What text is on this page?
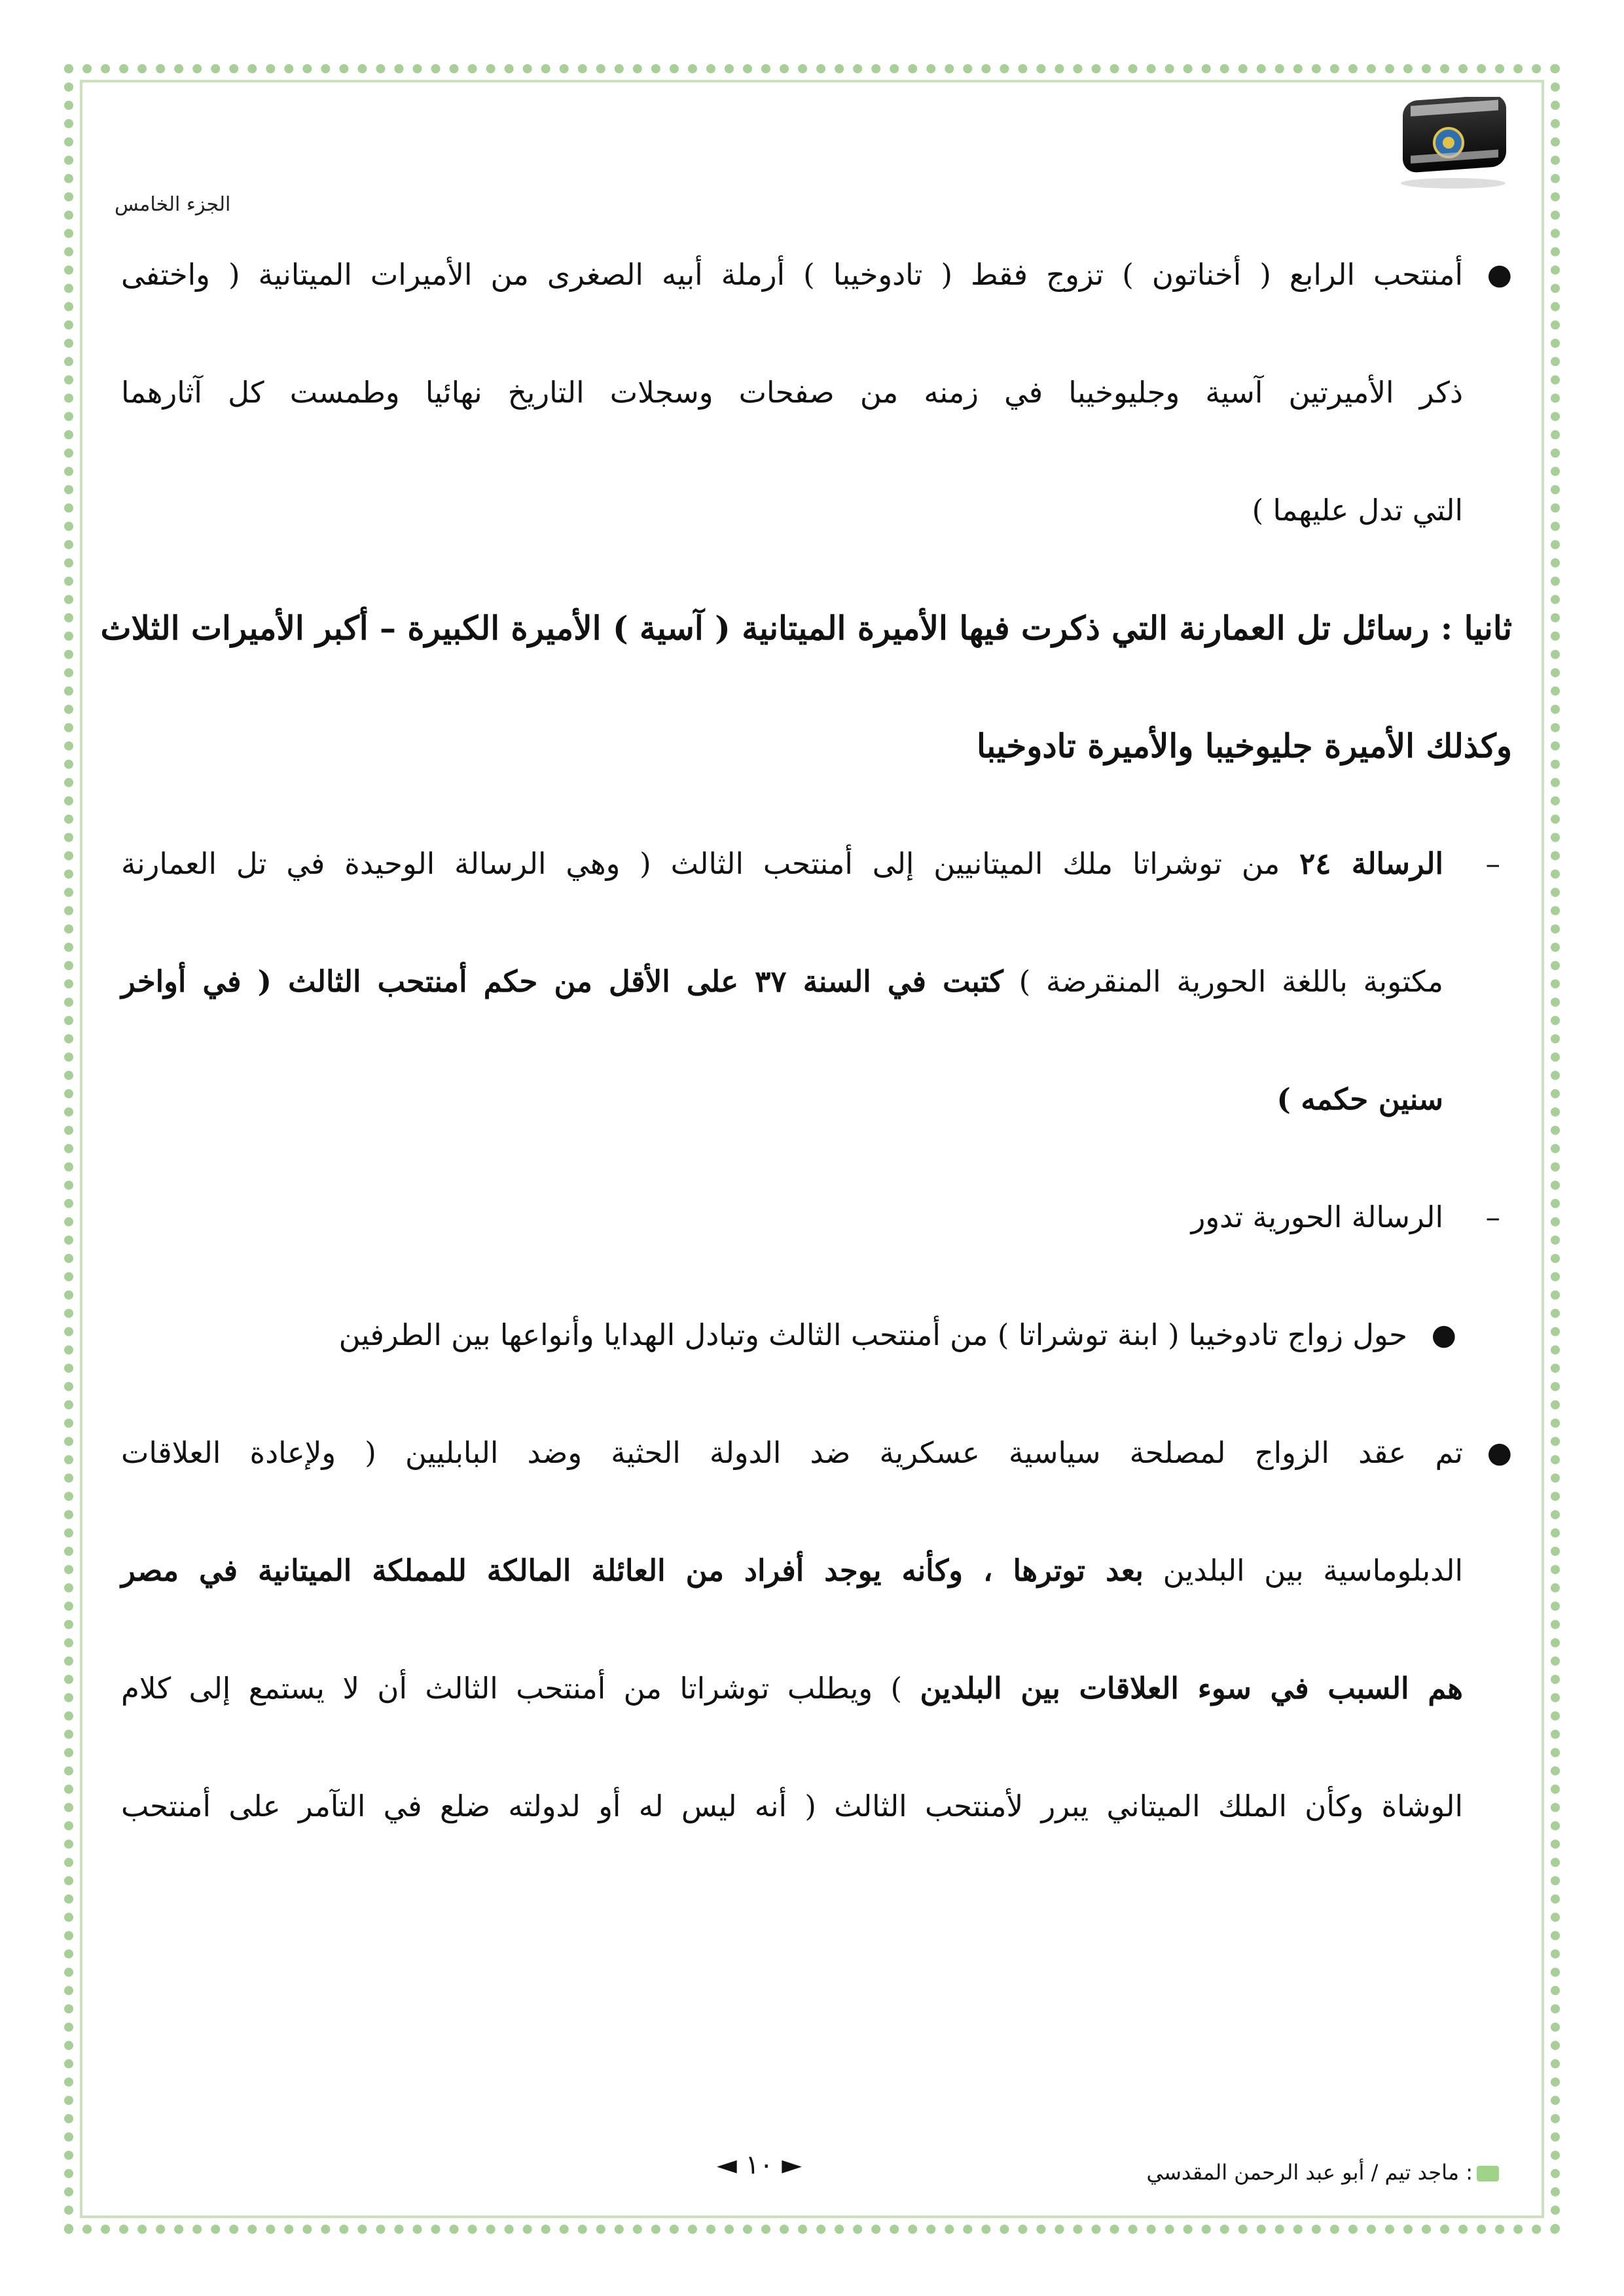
الجزء الخامس
●
أمنتحب الرابع ( أخناتون ) تزوج فقط ( تادوخيبا ) أرملة أبيه الصغرى من الأميرات الميتانية ( واختفى
ذكر الأميرتين آسية وجليوخيبا في زمنه من صفحات وسجلات التاريخ نهائيا وطمست كل آثارهما
التي تدل عليهما )
ثانيا : رسائل تل العمارنة التي ذكرت فيها الأميرة الميتانية ( آسية ) الأميرة الكبيرة – أكبر الأميرات الثلاث
وكذلك الأميرة جليوخيبا والأميرة تادوخيبا
–
الرسالة ٢٤ من توشراتا ملك الميتانيين إلى أمنتحب الثالث ( وهي الرسالة الوحيدة في تل العمارنة
مكتوبة باللغة الحورية المنقرضة ) كتبت في السنة ٣٧ على الأقل من حكم أمنتحب الثالث ( في أواخر
سنين حكمه )
–
الرسالة الحورية تدور
●
حول زواج تادوخيبا ( ابنة توشراتا ) من أمنتحب الثالث وتبادل الهدايا وأنواعها بين الطرفين
●
تم عقد الزواج لمصلحة سياسية عسكرية ضد الدولة الحثية وضد البابليين ( ولإعادة العلاقات
الدبلوماسية بين البلدين بعد توترها ، وكأنه يوجد أفراد من العائلة المالكة للمملكة الميتانية في مصر
هم السبب في سوء العلاقات بين البلدين ) ويطلب توشراتا من أمنتحب الثالث أن لا يستمع إلى كلام
الوشاة وكأن الملك الميتاني يبرر لأمنتحب الثالث ( أنه ليس له أو لدولته ضلع في التآمر على أمنتحب
◄ ١٠ ►	: ماجد تيم / أبو عبد الرحمن المقدسي
